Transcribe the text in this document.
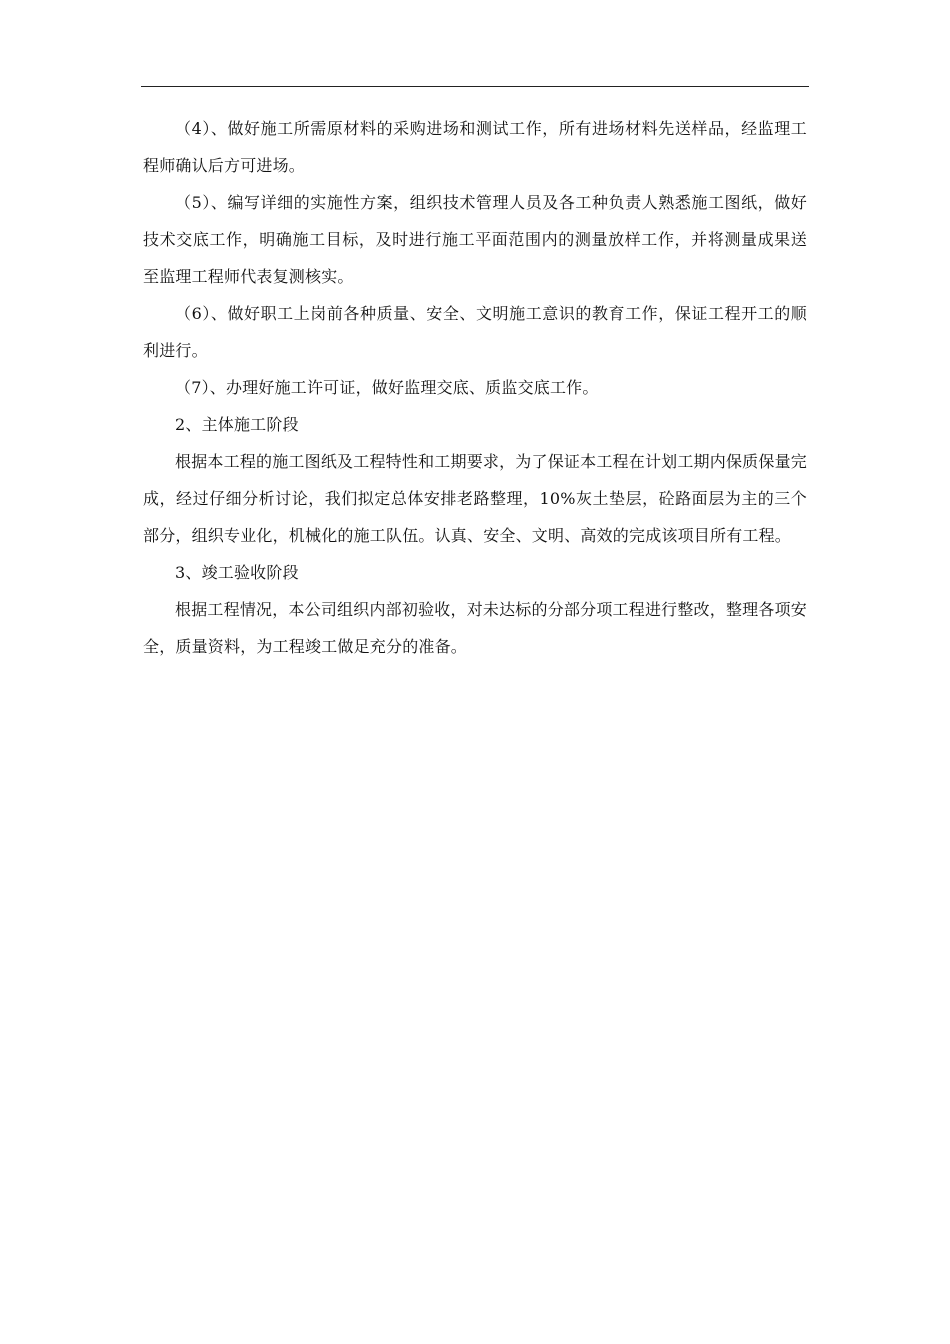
（4）、做好施工所需原材料的采购进场和测试工作，所有进场材料先送样品，经监理工程师确认后方可进场。

（5）、编写详细的实施性方案，组织技术管理人员及各工种负责人熟悉施工图纸，做好技术交底工作，明确施工目标，及时进行施工平面范围内的测量放样工作，并将测量成果送至监理工程师代表复测核实。

（6）、做好职工上岗前各种质量、安全、文明施工意识的教育工作，保证工程开工的顺利进行。

（7）、办理好施工许可证，做好监理交底、质监交底工作。

2、主体施工阶段

根据本工程的施工图纸及工程特性和工期要求，为了保证本工程在计划工期内保质保量完成，经过仔细分析讨论，我们拟定总体安排老路整理，10%灰土垫层，砼路面层为主的三个部分，组织专业化，机械化的施工队伍。认真、安全、文明、高效的完成该项目所有工程。

3、竣工验收阶段

根据工程情况，本公司组织内部初验收，对未达标的分部分项工程进行整改，整理各项安全，质量资料，为工程竣工做足充分的准备。
